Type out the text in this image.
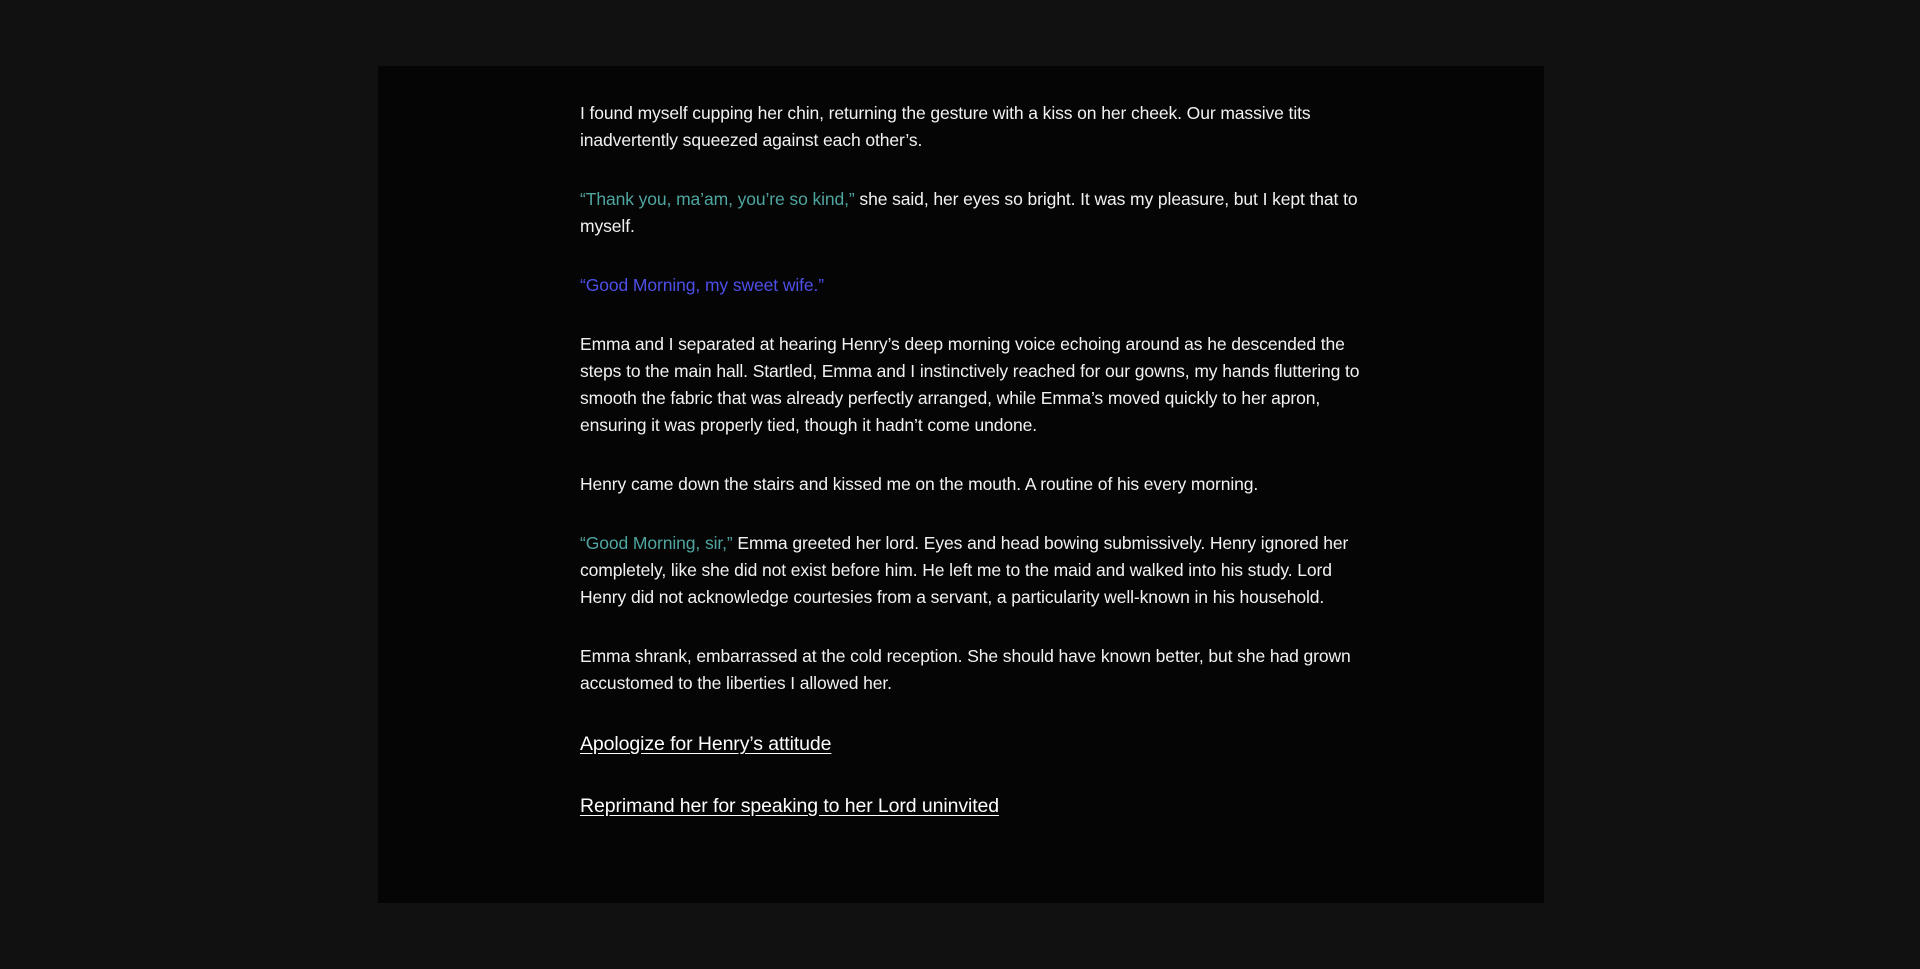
I found myself cupping her chin, returning the gesture with a kiss on her cheek. Our massive tits inadvertently squeezed against each other’s.

“Thank you, ma’am, you’re so kind,” she said, her eyes so bright. It was my pleasure, but I kept that to myself.

“Good Morning, my sweet wife.”

Emma and I separated at hearing Henry’s deep morning voice echoing around as he descended the steps to the main hall. Startled, Emma and I instinctively reached for our gowns, my hands fluttering to smooth the fabric that was already perfectly arranged, while Emma’s moved quickly to her apron, ensuring it was properly tied, though it hadn’t come undone.

Henry came down the stairs and kissed me on the mouth. A routine of his every morning.

“Good Morning, sir,” Emma greeted her lord. Eyes and head bowing submissively. Henry ignored her completely, like she did not exist before him. He left me to the maid and walked into his study. Lord Henry did not acknowledge courtesies from a servant, a particularity well-known in his household.

Emma shrank, embarrassed at the cold reception. She should have known better, but she had grown accustomed to the liberties I allowed her.

Apologize for Henry’s attitude
Reprimand her for speaking to her Lord uninvited
